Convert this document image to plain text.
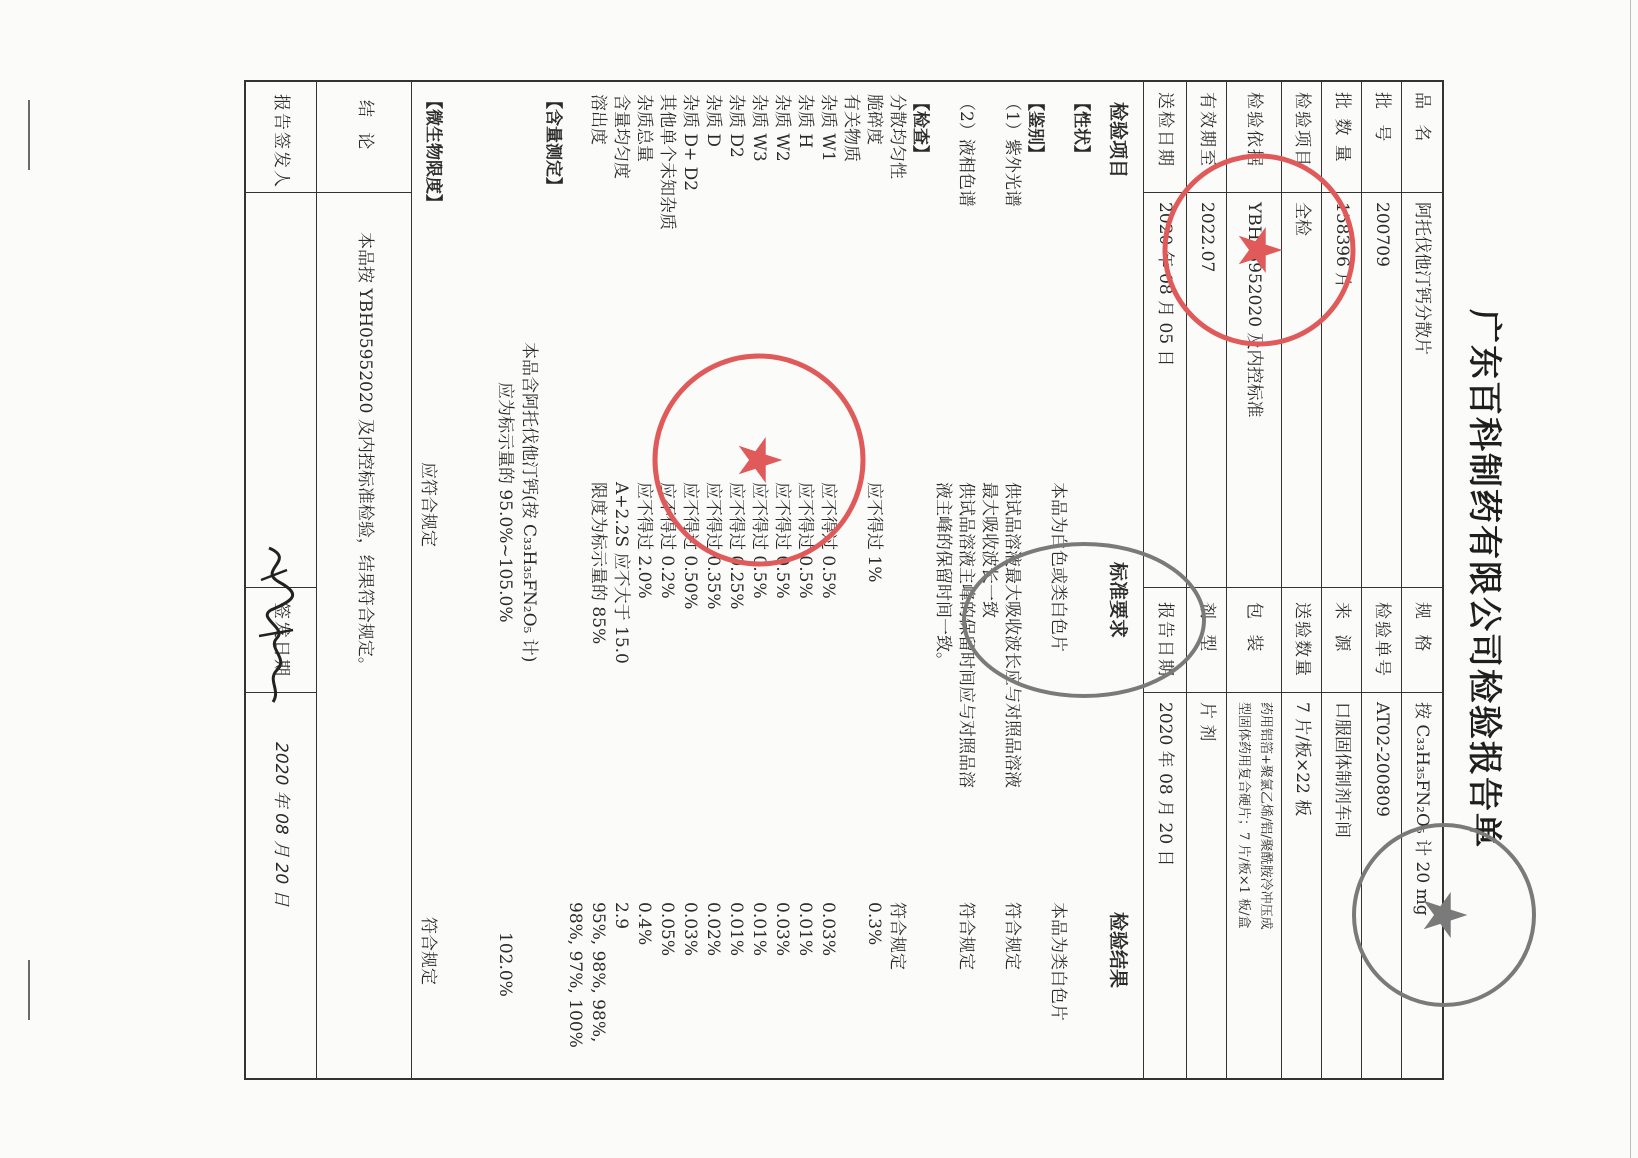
广东百科制药有限公司检验报告单
品 名
阿托伐他汀钙分散片
规 格
按 C₃₃H₃₅FN₂O₅ 计 20 mg
批 号
200709
检验单号
AT02-200809
批 数 量
158396 片
来 源
口服固体制剂车间
检验项目
全检
送验数量
7 片/板×22 板
检验依据
YBH05952020 及内控标准
包 装
药用铝箔+聚氯乙烯/铝/聚酰胺冷冲压成
型固体药用复合硬片；7 片/板×1 板/盒
有效期至
2022.07
剂 型
片 剂
送检日期
2020 年 08 月 05 日
报告日期
2020 年 08 月 20 日
检验项目
标准要求
检验结果
【性状】
本品为白色或类白色片
本品为类白色片
【鉴别】
（1）紫外光谱
供试品溶液最大吸收波长应与对照品溶液
符合规定
最大吸收波长一致
（2）液相色谱
供试品溶液主峰的保留时间应与对照品溶
符合规定
液主峰的保留时间一致。
【检查】
分散均匀性
符合规定
脆碎度
应不得过 1%
0.3%
有关物质
杂质 W1
应不得过 0.5%
0.03%
杂质 H
应不得过 0.5%
0.01%
杂质 W2
应不得过 0.5%
0.03%
杂质 W3
应不得过 0.5%
0.01%
杂质 D2
应不得过 0.25%
0.01%
杂质 D
应不得过 0.35%
0.02%
杂质 D+ D2
应不得过 0.50%
0.03%
其他单个未知杂质
应不得过 0.2%
0.05%
杂质总量
应不得过 2.0%
0.4%
含量均匀度
A+2.2S 应不大于 15.0
2.9
溶出度
限度为标示量的 85%
95%, 98%, 98%,
98%, 97%, 100%
【含量测定】
本品含阿托伐他汀钙(按 C₃₃H₃₅FN₂O₅ 计)
应为标示量的 95.0%~105.0%
102.0%
【微生物限度】
应符合规定
符合规定
结 论
本品按 YBH05952020 及内控标准检验，结果符合规定。
报告签发人
签发日期
2020 年 08 月 20 日
★
★
★
